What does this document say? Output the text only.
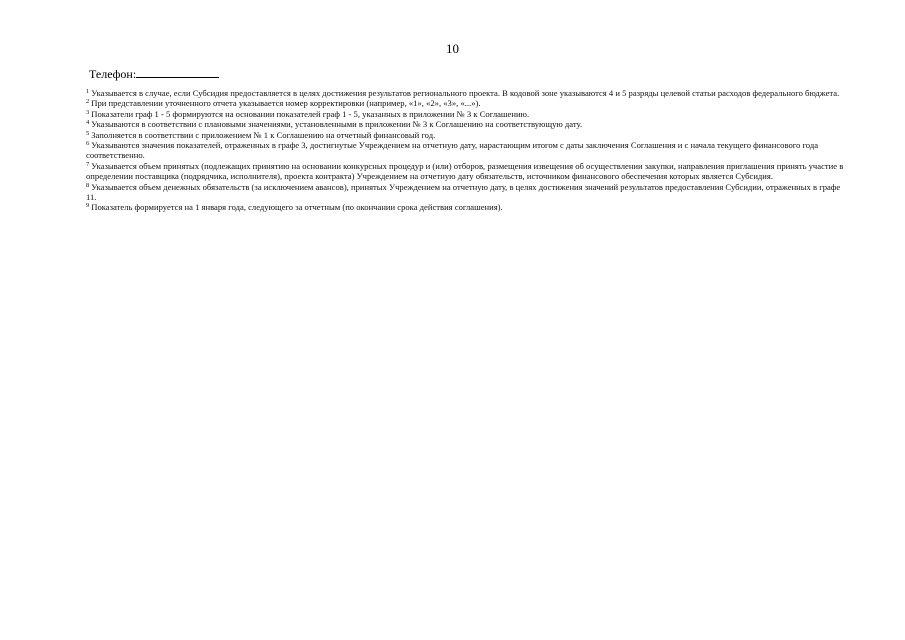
10
Телефон:

$^1$ Указывается в случае, если Субсидия предоставляется в целях достижения результатов регионального проекта. В кодовой зоне указываются 4 и 5 разряды целевой статьи расходов федерального бюджета.

$^2$ При представлении уточненного отчета указывается номер корректировки (например, «1», «2», «3», «...»).

$^3$ Показатели граф 1 - 5 формируются на основании показателей граф 1 - 5, указанных в приложении № 3 к Соглашению.

$^4$ Указываются в соответствии с плановыми значениями, установленными в приложении № 3 к Соглашению на соответствующую дату.

$^5$ Заполняется в соответствии с приложением № 1 к Соглашению на отчетный финансовый год.

$^6$ Указываются значения показателей, отраженных в графе 3, достигнутые Учреждением на отчетную дату, нарастающим итогом с даты заключения Соглашения и с начала текущего финансового года соответственно.

$^7$ Указывается объем принятых (подлежащих принятию на основании конкурсных процедур и (или) отборов, размещения извещения об осуществлении закупки, направления приглашения принять участие в определении поставщика (подрядчика, исполнителя), проекта контракта) Учреждением на отчетную дату обязательств, источником финансового обеспечения которых является Субсидия.

$^8$ Указывается объем денежных обязательств (за исключением авансов), принятых Учреждением на отчетную дату, в целях достижения значений результатов предоставления Субсидии, отраженных в графе 11.

$^9$ Показатель формируется на 1 января года, следующего за отчетным (по окончании срока действия соглашения).
